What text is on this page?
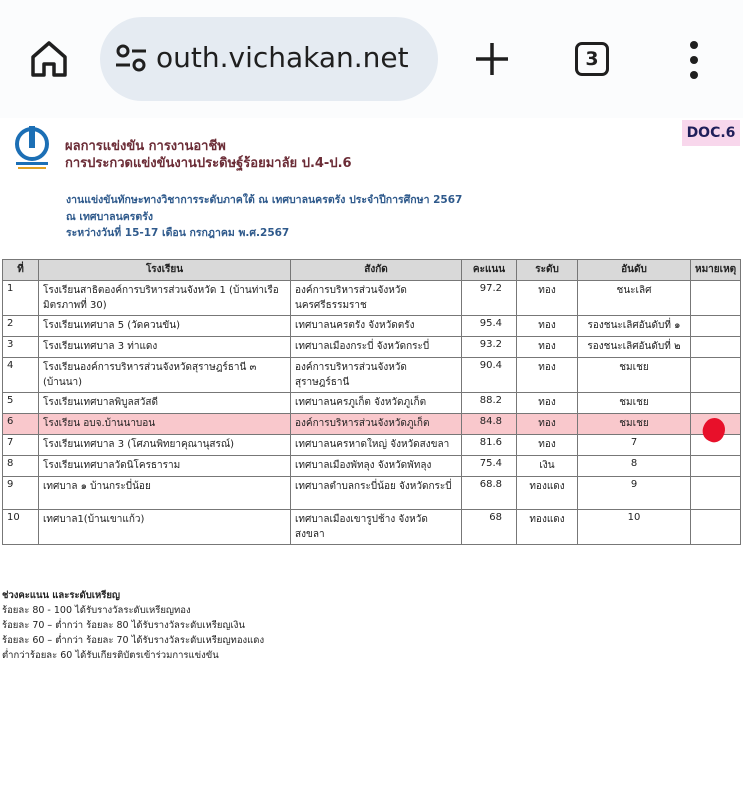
outh.vichakan.net	3
ผลการแข่งขัน การงานอาชีพ
การประกวดแข่งขันงานประดิษฐ์ร้อยมาลัย ป.4-ป.6
DOC.6
งานแข่งขันทักษะทางวิชาการระดับภาคใต้ ณ เทศบาลนครตรัง ประจำปีการศึกษา 2567
ณ เทศบาลนครตรัง
ระหว่างวันที่ 15-17 เดือน กรกฎาคม พ.ศ.2567
ที่	โรงเรียน	สังกัด	คะแนน	ระดับ	อันดับ	หมายเหตุ
1	โรงเรียนสาธิตองค์การบริหารส่วนจังหวัด 1 (บ้านท่าเรือมิตรภาพที่ 30)	องค์การบริหารส่วนจังหวัดนครศรีธรรมราช	97.2	ทอง	ชนะเลิศ	
2	โรงเรียนเทศบาล 5 (วัดควนขัน)	เทศบาลนครตรัง จังหวัดตรัง	95.4	ทอง	รองชนะเลิศอันดับที่ ๑	
3	โรงเรียนเทศบาล 3 ท่าแดง	เทศบาลเมืองกระบี่ จังหวัดกระบี่	93.2	ทอง	รองชนะเลิศอันดับที่ ๒	
4	โรงเรียนองค์การบริหารส่วนจังหวัดสุราษฎร์ธานี ๓ (บ้านนา)	องค์การบริหารส่วนจังหวัดสุราษฎร์ธานี	90.4	ทอง	ชมเชย	
5	โรงเรียนเทศบาลพิบูลสวัสดี	เทศบาลนครภูเก็ต จังหวัดภูเก็ต	88.2	ทอง	ชมเชย	
6	โรงเรียน อบจ.บ้านนาบอน	องค์การบริหารส่วนจังหวัดภูเก็ต	84.8	ทอง	ชมเชย	
7	โรงเรียนเทศบาล 3 (โศภนพิทยาคุณานุสรณ์)	เทศบาลนครหาดใหญ่ จังหวัดสงขลา	81.6	ทอง	7	
8	โรงเรียนเทศบาลวัดนิโครธาราม	เทศบาลเมืองพัทลุง จังหวัดพัทลุง	75.4	เงิน	8	
9	เทศบาล ๑ บ้านกระบี่น้อย	เทศบาลตำบลกระบี่น้อย จังหวัดกระบี่	68.8	ทองแดง	9	
10	เทศบาล1(บ้านเขาแก้ว)	เทศบาลเมืองเขารูปช้าง จังหวัดสงขลา	68	ทองแดง	10	
ช่วงคะแนน และระดับเหรียญ
ร้อยละ 80 - 100 ได้รับรางวัลระดับเหรียญทอง
ร้อยละ 70 – ต่ำกว่า ร้อยละ 80 ได้รับรางวัลระดับเหรียญเงิน
ร้อยละ 60 – ต่ำกว่า ร้อยละ 70 ได้รับรางวัลระดับเหรียญทองแดง
ต่ำกว่าร้อยละ 60 ได้รับเกียรติบัตรเข้าร่วมการแข่งขัน
